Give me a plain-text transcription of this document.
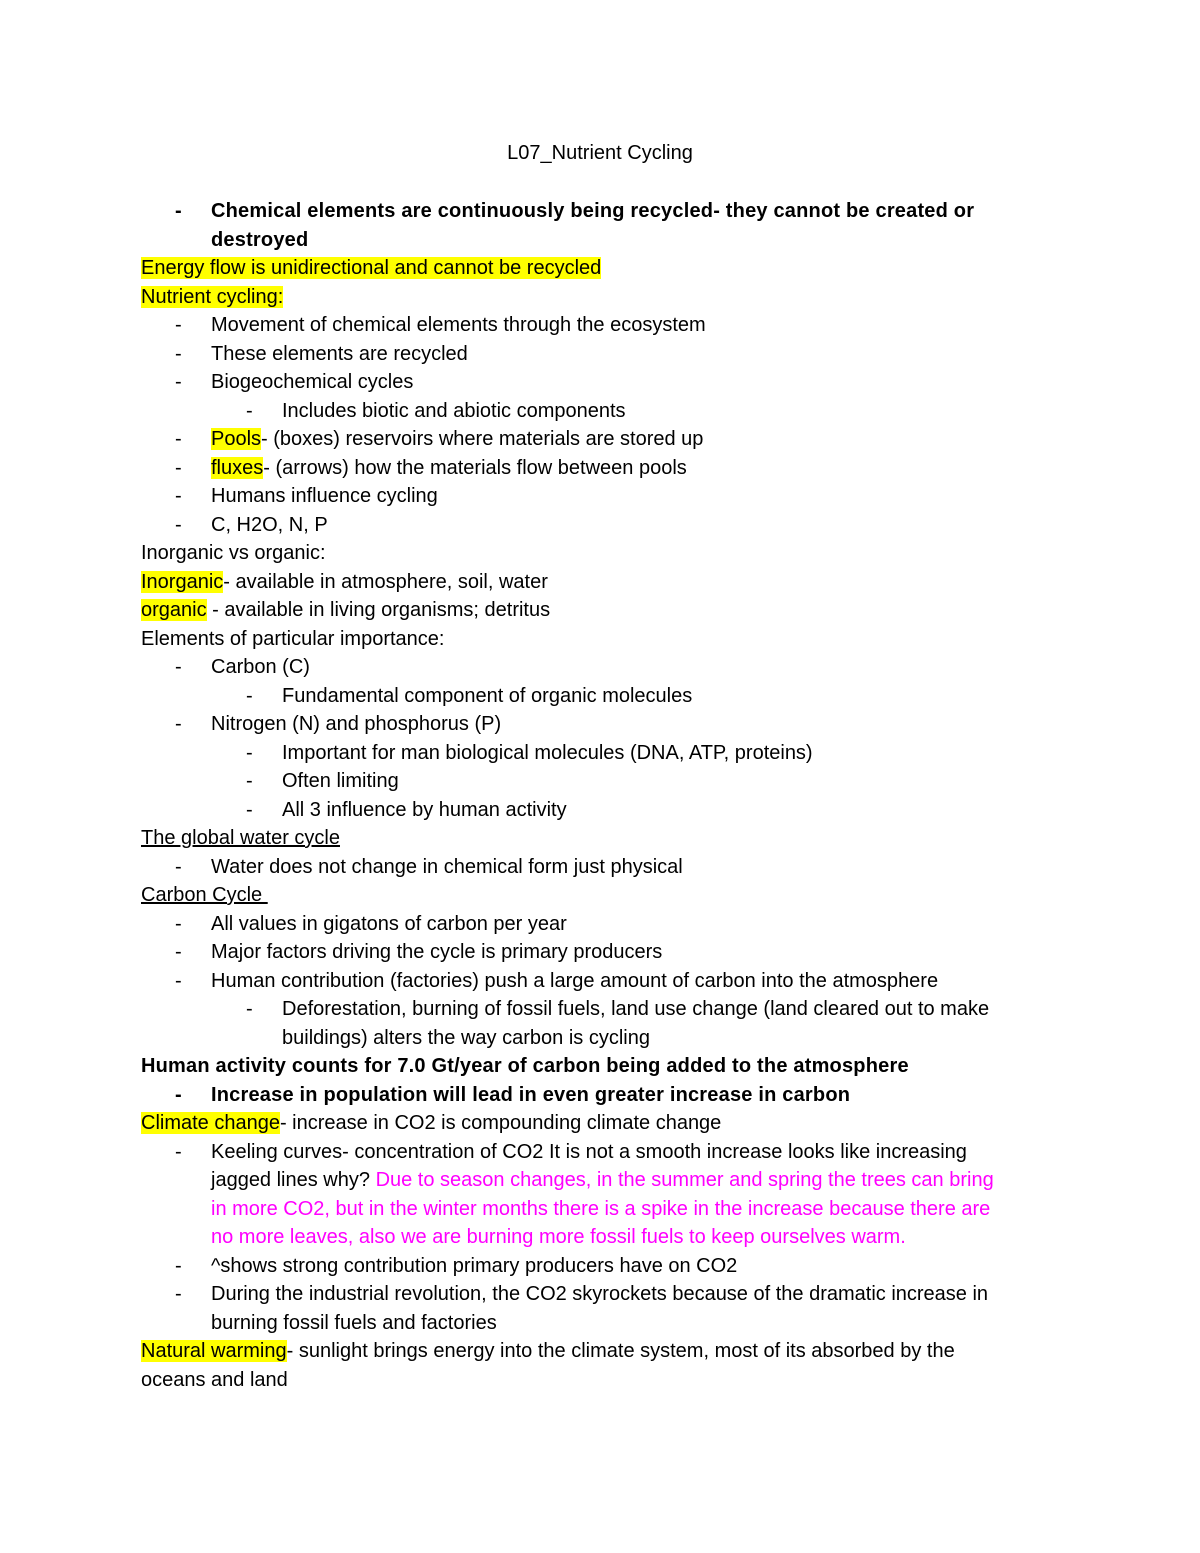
L07_Nutrient Cycling
- Chemical elements are continuously being recycled- they cannot be created or destroyed
Energy flow is unidirectional and cannot be recycled
Nutrient cycling:
- Movement of chemical elements through the ecosystem
- These elements are recycled
- Biogeochemical cycles
- Includes biotic and abiotic components
- Pools- (boxes) reservoirs where materials are stored up
- fluxes- (arrows) how the materials flow between pools
- Humans influence cycling
- C, H2O, N, P
Inorganic vs organic:
Inorganic- available in atmosphere, soil, water
organic - available in living organisms; detritus
Elements of particular importance:
- Carbon (C)
- Fundamental component of organic molecules
- Nitrogen (N) and phosphorus (P)
- Important for man biological molecules (DNA, ATP, proteins)
- Often limiting
- All 3 influence by human activity
The global water cycle
- Water does not change in chemical form just physical
Carbon Cycle
- All values in gigatons of carbon per year
- Major factors driving the cycle is primary producers
- Human contribution (factories) push a large amount of carbon into the atmosphere
- Deforestation, burning of fossil fuels, land use change (land cleared out to make
buildings) alters the way carbon is cycling
Human activity counts for 7.0 Gt/year of carbon being added to the atmosphere
- Increase in population will lead in even greater increase in carbon
Climate change- increase in CO2 is compounding climate change
- Keeling curves- concentration of CO2 It is not a smooth increase looks like increasing
jagged lines why? Due to season changes, in the summer and spring the trees can bring
in more CO2, but in the winter months there is a spike in the increase because there are
no more leaves, also we are burning more fossil fuels to keep ourselves warm.
- ^shows strong contribution primary producers have on CO2
- During the industrial revolution, the CO2 skyrockets because of the dramatic increase in
burning fossil fuels and factories
Natural warming- sunlight brings energy into the climate system, most of its absorbed by the
oceans and land
